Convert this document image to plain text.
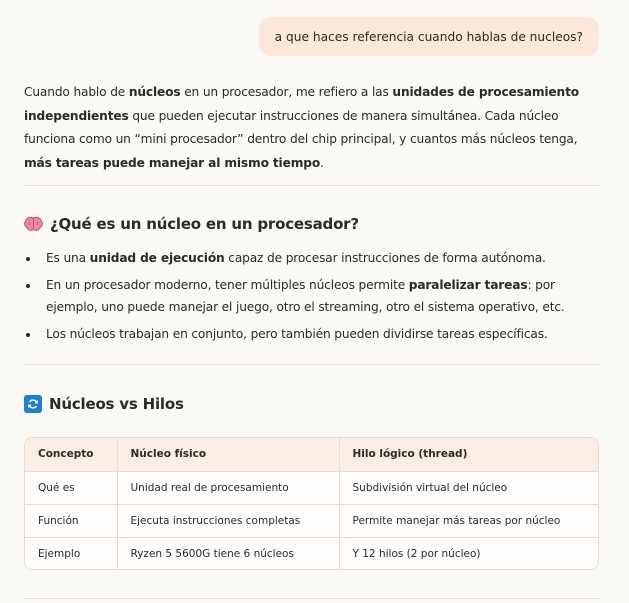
a que haces referencia cuando hablas de nucleos?
Cuando hablo de núcleos en un procesador, me refiero a las unidades de procesamiento independientes que pueden ejecutar instrucciones de manera simultánea. Cada núcleo funciona como un “mini procesador” dentro del chip principal, y cuantos más núcleos tenga, más tareas puede manejar al mismo tiempo.
¿Qué es un núcleo en un procesador?
Es una unidad de ejecución capaz de procesar instrucciones de forma autónoma.
En un procesador moderno, tener múltiples núcleos permite paralelizar tareas: por ejemplo, uno puede manejar el juego, otro el streaming, otro el sistema operativo, etc.
Los núcleos trabajan en conjunto, pero también pueden dividirse tareas específicas.
Núcleos vs Hilos
Concepto	Núcleo físico	Hilo lógico (thread)
Qué es	Unidad real de procesamiento	Subdivisión virtual del núcleo
Función	Ejecuta instrucciones completas	Permite manejar más tareas por núcleo
Ejemplo	Ryzen 5 5600G tiene 6 núcleos	Y 12 hilos (2 por núcleo)
